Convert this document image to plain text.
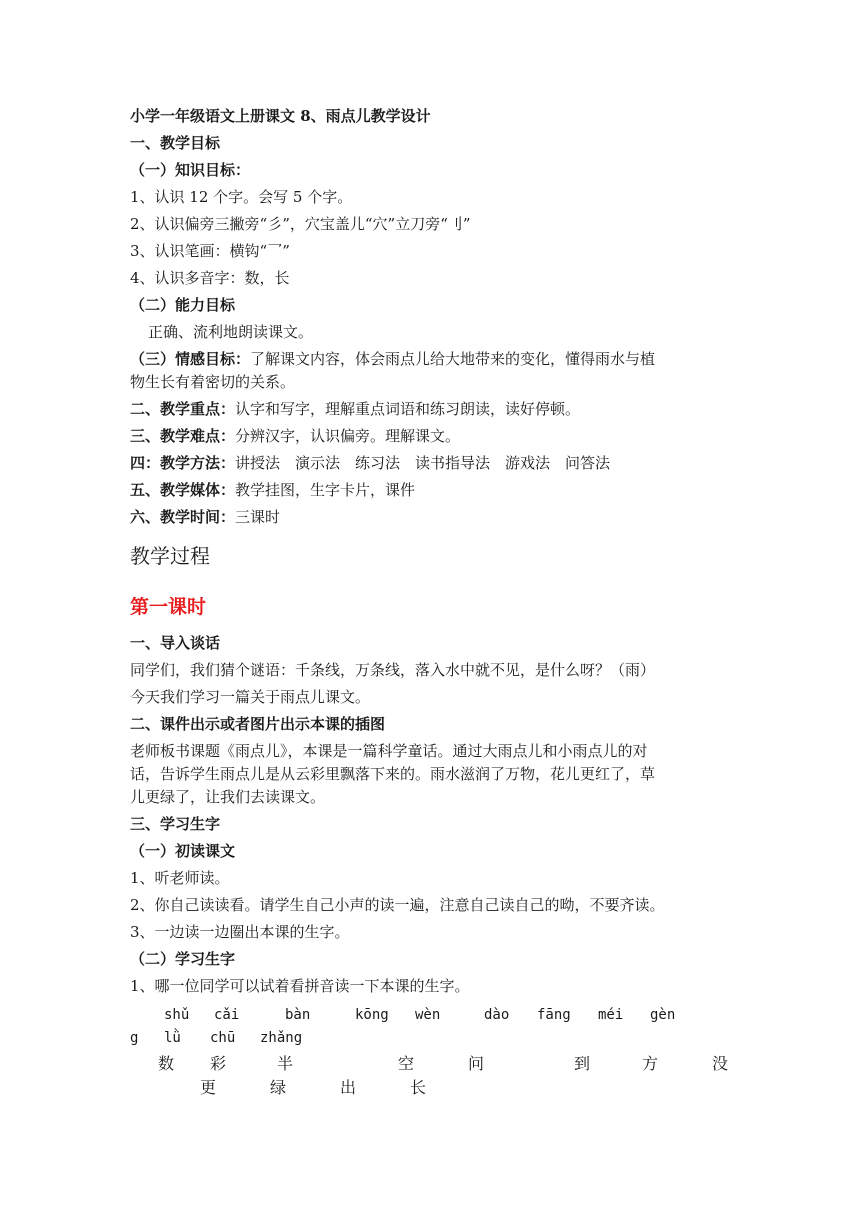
小学一年级语文上册课文 8、雨点儿教学设计
一、教学目标
（一）知识目标：
1、认识 12 个字。会写 5 个字。
2、认识偏旁三撇旁“彡”，穴宝盖儿“穴”立刀旁“刂”
3、认识笔画：横钩“乛”
4、认识多音字：数，长
（二）能力目标
正确、流利地朗读课文。
（三）情感目标：了解课文内容，体会雨点儿给大地带来的变化，懂得雨水与植
物生长有着密切的关系。
二、教学重点：认字和写字，理解重点词语和练习朗读，读好停顿。
三、教学难点：分辨汉字，认识偏旁。理解课文。
四：教学方法：讲授法　演示法　练习法　读书指导法　游戏法　问答法
五、教学媒体：教学挂图，生字卡片，课件
六、教学时间：三课时
教学过程
第一课时
一、导入谈话
同学们，我们猜个谜语：千条线，万条线，落入水中就不见，是什么呀？（雨）
今天我们学习一篇关于雨点儿课文。
二、课件出示或者图片出示本课的插图
老师板书课题《雨点儿》，本课是一篇科学童话。通过大雨点儿和小雨点儿的对
话，告诉学生雨点儿是从云彩里飘落下来的。雨水滋润了万物，花儿更红了，草
儿更绿了，让我们去读课文。
三、学习生字
（一）初读课文
1、听老师读。
2、你自己读读看。请学生自己小声的读一遍，注意自己读自己的呦，不要齐读。
3、一边读一边圈出本课的生字。
（二）学习生字
1、哪一位同学可以试着看拼音读一下本课的生字。
shǔ cǎi	bàn	kōng wèn	dào fāng méi gèn
g lǜ chū zhǎng
数 彩	半	空	问	到	方	没
更	绿	出	长
